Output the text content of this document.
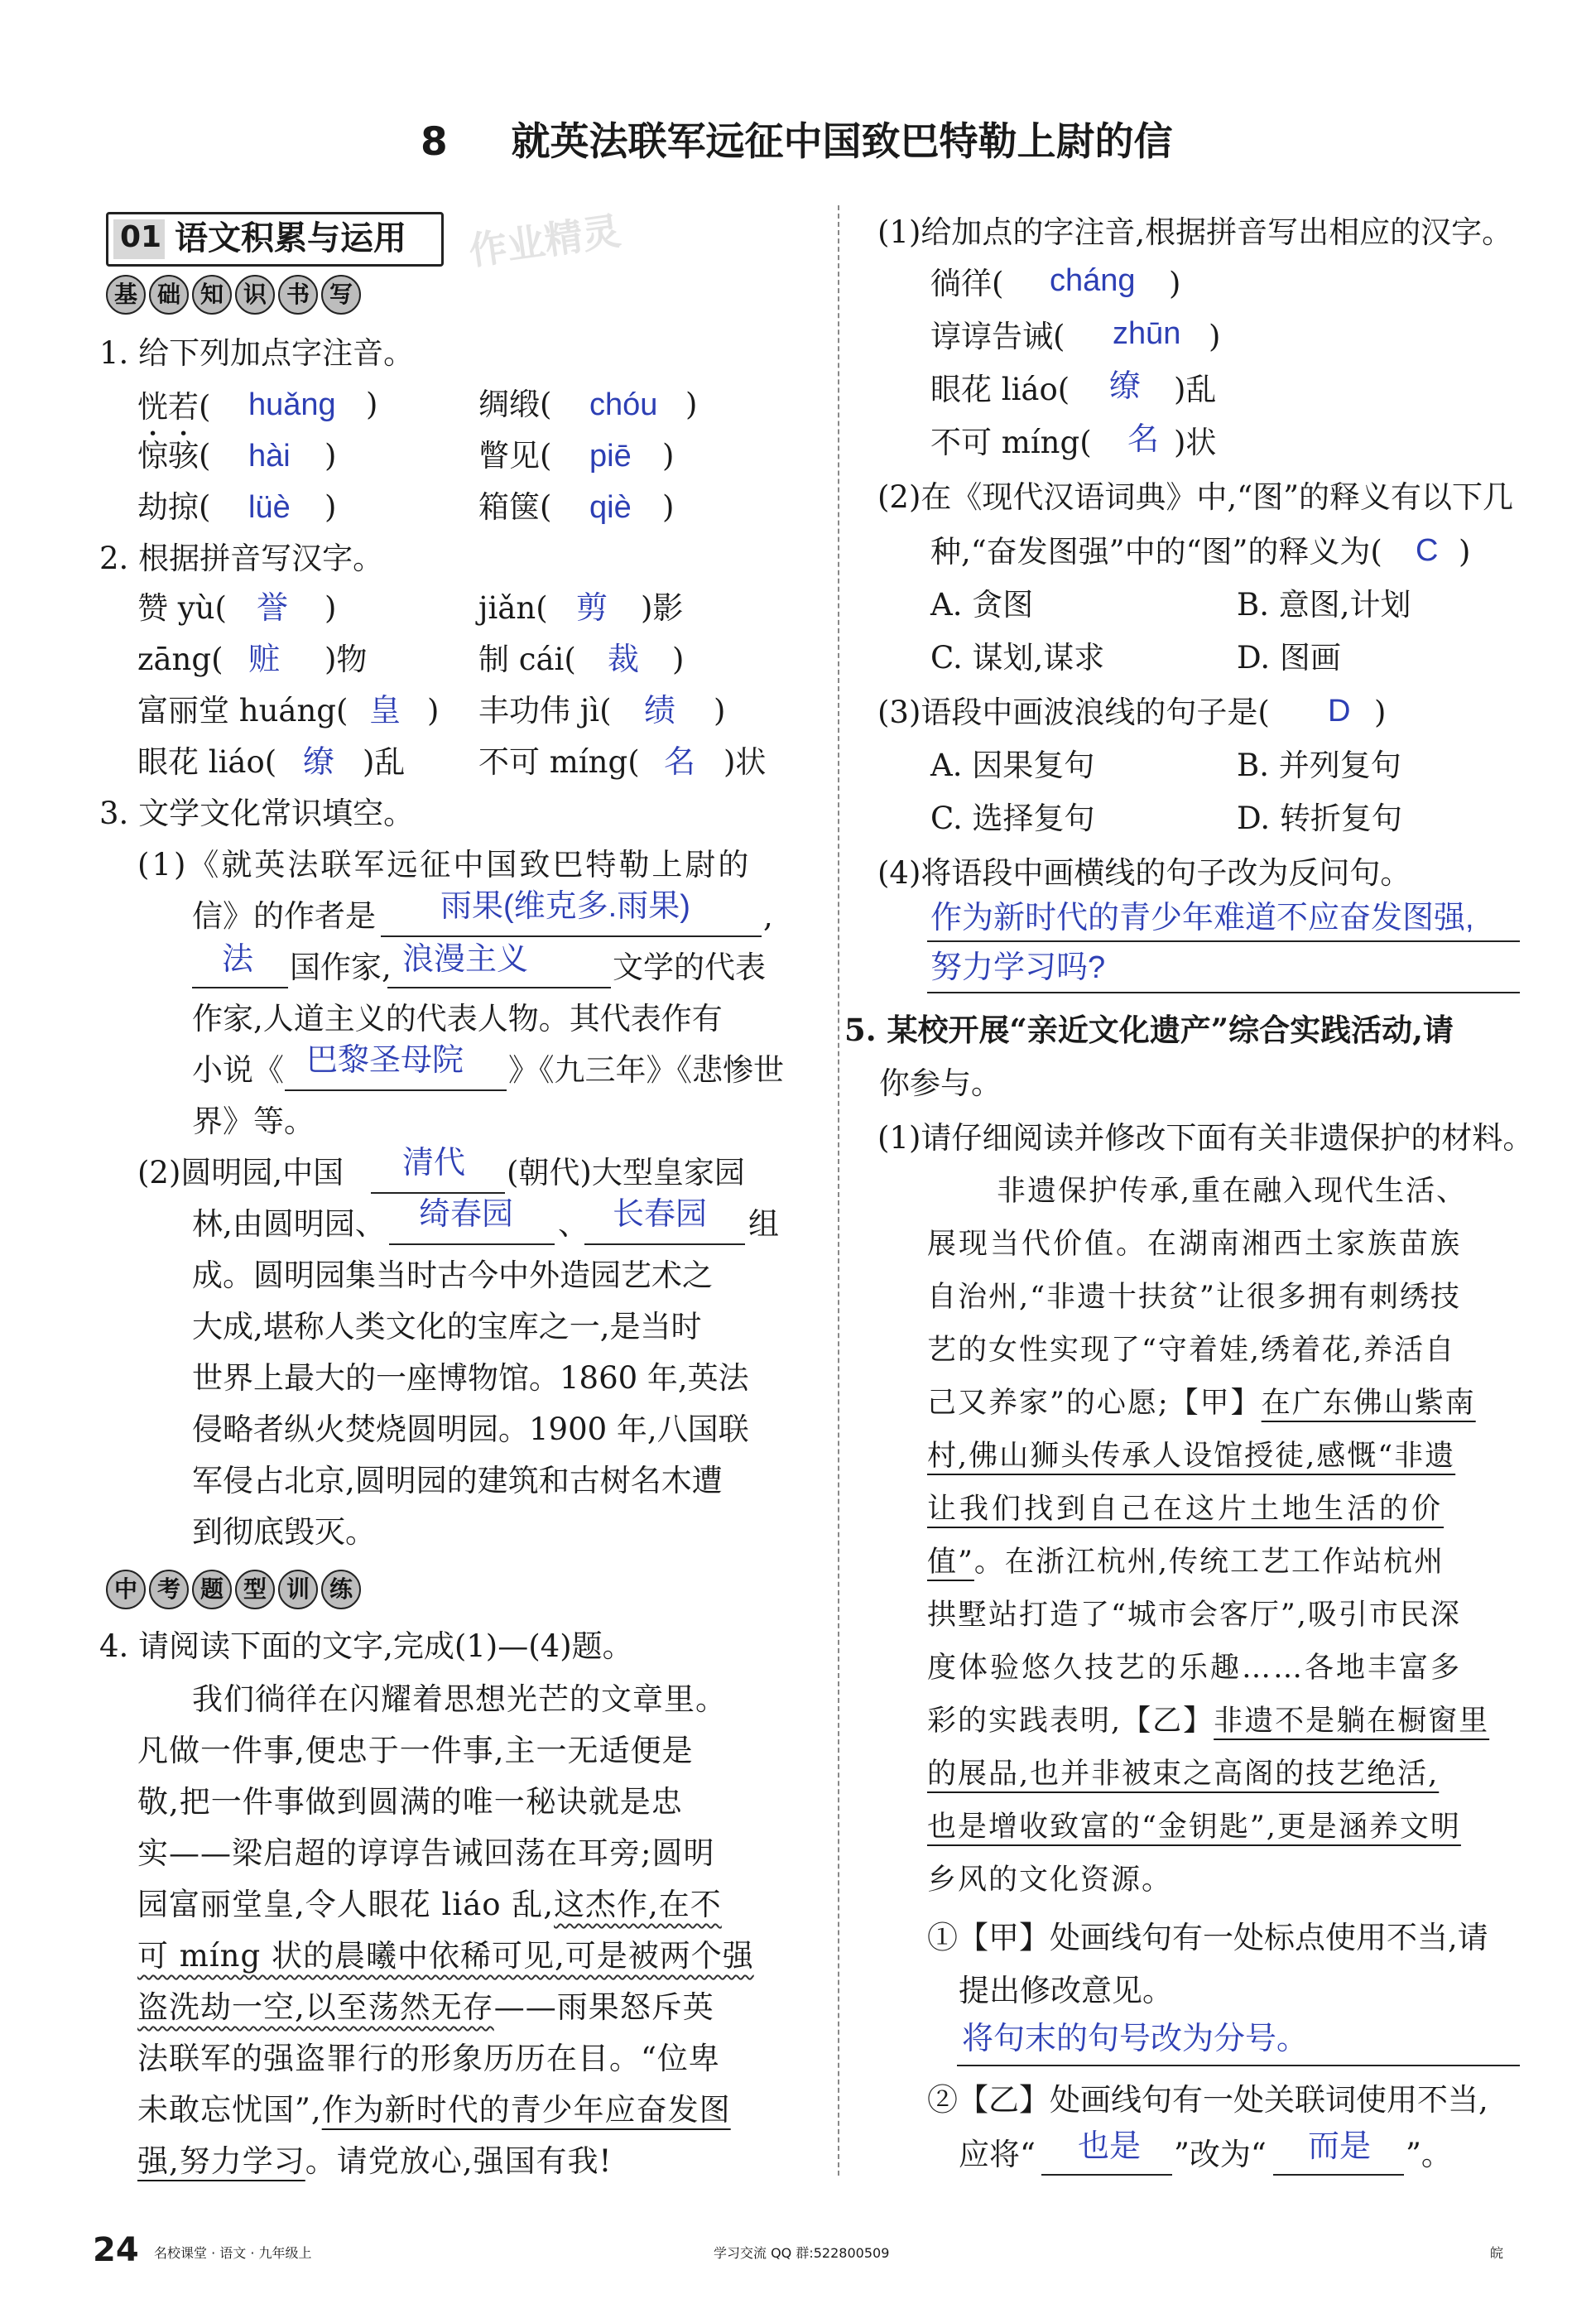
8 就英法联军远征中国致巴特勒上尉的信
01 语文积累与运用 作业精灵
基 础 知 识 书 写
1. 给下列加点字注音。
恍若( huǎng )	绸缎( chóu )
惊骇( hài )	瞥见( piē )
劫掠( lüè )	箱箧( qiè )
2. 根据拼音写汉字。
赞 yù( 誉 )	jiǎn( 剪 )影
zāng( 赃 )物	制 cái( 裁 )
富丽堂 huáng( 皇 ) 丰功伟 jì( 绩 )
眼花 liáo( 缭 )乱 不可 míng( 名 )状
3. 文学文化常识填空。
(1)《就英法联军远征中国致巴特勒上尉的
信》的作者是 雨果(维克多.雨果) ,
法 国作家, 浪漫主义	文学的代表
作家,人道主义的代表人物。其代表作有
小说《 巴黎圣母院 》《九三年》《悲惨世
界》等。
(2)圆明园,中国 清代 (朝代)大型皇家园
林,由圆明园、 绮春园 、 长春园 组
成。圆明园集当时古今中外造园艺术之
大成,堪称人类文化的宝库之一,是当时
世界上最大的一座博物馆。1860 年,英法
侵略者纵火焚烧圆明园。1900 年,八国联
军侵占北京,圆明园的建筑和古树名木遭
到彻底毁灭。
中 考 题 型 训 练
4. 请阅读下面的文字,完成(1)—(4)题。
我们徜徉在闪耀着思想光芒的文章里。
凡做一件事,便忠于一件事,主一无适便是
敬,把一件事做到圆满的唯一秘诀就是忠
实——梁启超的谆谆告诫回荡在耳旁;圆明
园富丽堂皇,令人眼花 liáo 乱,这杰作,在不
可 míng 状的晨曦中依稀可见,可是被两个强
盗洗劫一空,以至荡然无存——雨果怒斥英
法联军的强盗罪行的形象历历在目。“位卑
未敢忘忧国”,作为新时代的青少年应奋发图
强,努力学习。请党放心,强国有我!
(1)给加点的字注音,根据拼音写出相应的汉字。
徜徉( cháng )
谆谆告诫( zhūn )
眼花 liáo( 缭 )乱
不可 míng( 名 )状
(2)在《现代汉语词典》中,“图”的释义有以下几
种,“奋发图强”中的“图”的释义为( C )
A. 贪图	B. 意图,计划
C. 谋划,谋求	D. 图画
(3)语段中画波浪线的句子是( D )
A. 因果复句	B. 并列复句
C. 选择复句	D. 转折复句
(4)将语段中画横线的句子改为反问句。
作为新时代的青少年难道不应奋发图强,
努力学习吗?
5. 某校开展“亲近文化遗产”综合实践活动,请
你参与。
(1)请仔细阅读并修改下面有关非遗保护的材料。
非遗保护传承,重在融入现代生活、
展现当代价值。在湖南湘西土家族苗族
自治州,“非遗十扶贫”让很多拥有刺绣技
艺的女性实现了“守着娃,绣着花,养活自
己又养家”的心愿;【甲】在广东佛山紫南
村,佛山狮头传承人设馆授徒,感慨“非遗
让我们找到自己在这片土地生活的价
值”。在浙江杭州,传统工艺工作站杭州
拱墅站打造了“城市会客厅”,吸引市民深
度体验悠久技艺的乐趣……各地丰富多
彩的实践表明,【乙】非遗不是躺在橱窗里
的展品,也并非被束之高阁的技艺绝活,
也是增收致富的“金钥匙”,更是涵养文明
乡风的文化资源。
①【甲】处画线句有一处标点使用不当,请
提出修改意见。
将句末的句号改为分号。
②【乙】处画线句有一处关联词使用不当,
应将“ 也是 ”改为“ 而是 ”。
24 名校课堂 · 语文 · 九年级上	学习交流 QQ 群:522800509	皖
